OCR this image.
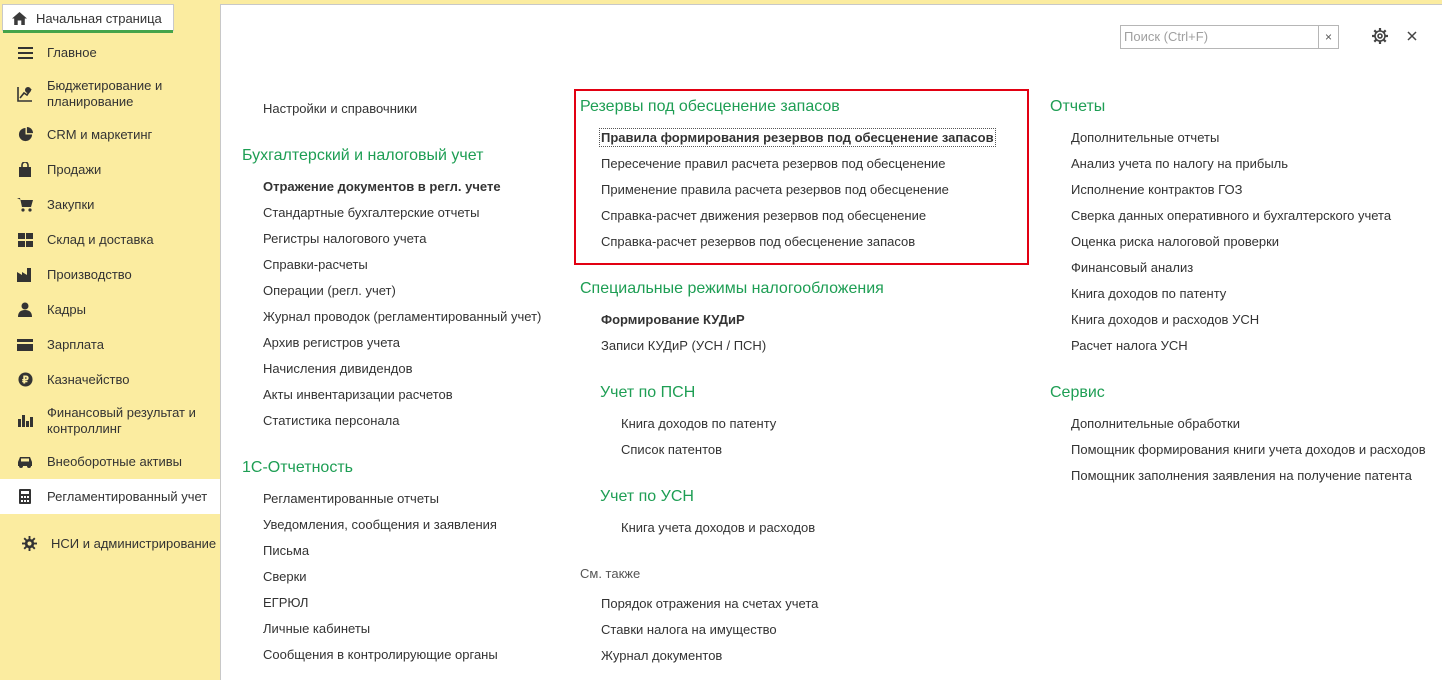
Начальная страница
Главное
Бюджетирование и планирование
CRM и маркетинг
Продажи
Закупки
Склад и доставка
Производство
Кадры
Зарплата
₽ Казначейство
Финансовый результат и контроллинг
Внеоборотные активы
Регламентированный учет
НСИ и администрирование
Поиск (Ctrl+F)	×
Настройки и справочники
Бухгалтерский и налоговый учет
Отражение документов в регл. учете
Стандартные бухгалтерские отчеты
Регистры налогового учета
Справки-расчеты
Операции (регл. учет)
Журнал проводок (регламентированный учет)
Архив регистров учета
Начисления дивидендов
Акты инвентаризации расчетов
Статистика персонала
1С-Отчетность
Регламентированные отчеты
Уведомления, сообщения и заявления
Письма
Сверки
ЕГРЮЛ
Личные кабинеты
Сообщения в контролирующие органы
Резервы под обесценение запасов
Правила формирования резервов под обесценение запасов
Пересечение правил расчета резервов под обесценение
Применение правила расчета резервов под обесценение
Справка-расчет движения резервов под обесценение
Справка-расчет резервов под обесценение запасов
Специальные режимы налогообложения
Формирование КУДиР
Записи КУДиР (УСН / ПСН)
Учет по ПСН
Книга доходов по патенту
Список патентов
Учет по УСН
Книга учета доходов и расходов
См. также
Порядок отражения на счетах учета
Ставки налога на имущество
Журнал документов
Отчеты
Дополнительные отчеты
Анализ учета по налогу на прибыль
Исполнение контрактов ГОЗ
Сверка данных оперативного и бухгалтерского учета
Оценка риска налоговой проверки
Финансовый анализ
Книга доходов по патенту
Книга доходов и расходов УСН
Расчет налога УСН
Сервис
Дополнительные обработки
Помощник формирования книги учета доходов и расходов
Помощник заполнения заявления на получение патента
